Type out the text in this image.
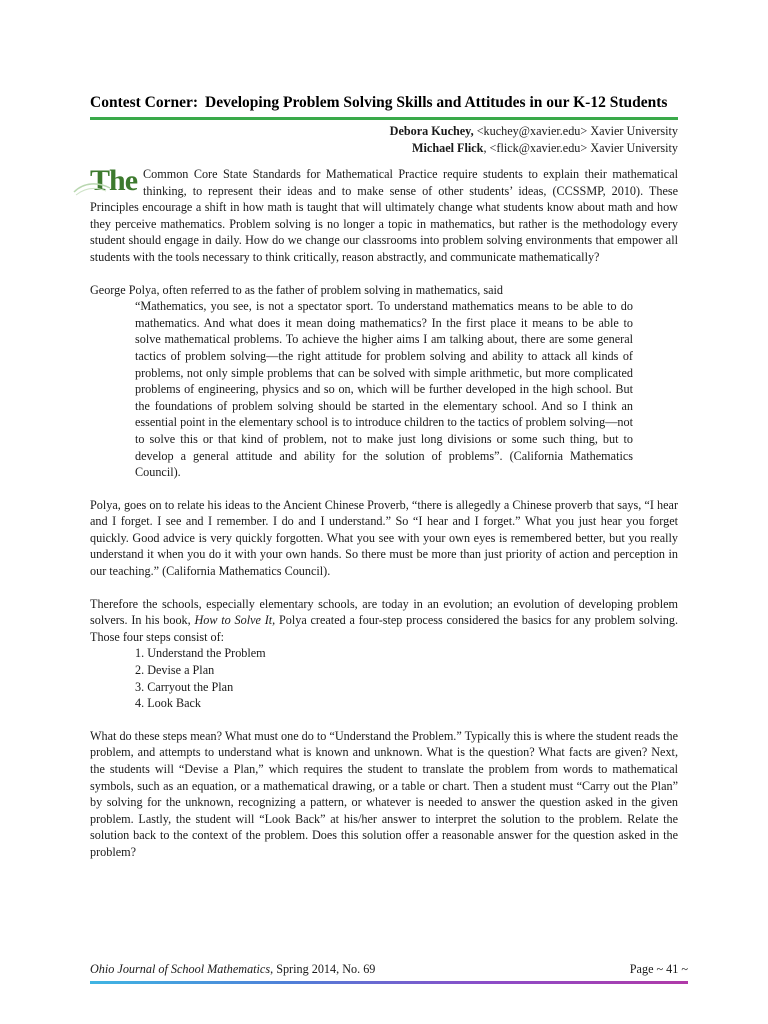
Contest Corner: Developing Problem Solving Skills and Attitudes in our K-12 Students
Debora Kuchey, <kuchey@xavier.edu> Xavier University
Michael Flick, <flick@xavier.edu> Xavier University
The Common Core State Standards for Mathematical Practice require students to explain their mathematical thinking, to represent their ideas and to make sense of other students’ ideas, (CCSSMP, 2010). These Principles encourage a shift in how math is taught that will ultimately change what students know about math and how they perceive mathematics. Problem solving is no longer a topic in mathematics, but rather is the methodology every student should engage in daily. How do we change our classrooms into problem solving environments that empower all students with the tools necessary to think critically, reason abstractly, and communicate mathematically?

George Polya, often referred to as the father of problem solving in mathematics, said

“Mathematics, you see, is not a spectator sport. To understand mathematics means to be able to do mathematics. And what does it mean doing mathematics? In the first place it means to be able to solve mathematical problems. To achieve the higher aims I am talking about, there are some general tactics of problem solving—the right attitude for problem solving and ability to attack all kinds of problems, not only simple problems that can be solved with simple arithmetic, but more complicated problems of engineering, physics and so on, which will be further developed in the high school. But the foundations of problem solving should be started in the elementary school. And so I think an essential point in the elementary school is to introduce children to the tactics of problem solving—not to solve this or that kind of problem, not to make just long divisions or some such thing, but to develop a general attitude and ability for the solution of problems”. (California Mathematics Council).

Polya, goes on to relate his ideas to the Ancient Chinese Proverb, “there is allegedly a Chinese proverb that says, “I hear and I forget. I see and I remember. I do and I understand.” So “I hear and I forget.” What you just hear you forget quickly. Good advice is very quickly forgotten. What you see with your own eyes is remembered better, but you really understand it when you do it with your own hands. So there must be more than just priority of action and perception in our teaching.” (California Mathematics Council).

Therefore the schools, especially elementary schools, are today in an evolution; an evolution of developing problem solvers. In his book, How to Solve It, Polya created a four-step process considered the basics for any problem solving. Those four steps consist of:

1. Understand the Problem
2. Devise a Plan
3. Carryout the Plan
4. Look Back

What do these steps mean? What must one do to “Understand the Problem.” Typically this is where the student reads the problem, and attempts to understand what is known and unknown. What is the question? What facts are given? Next, the students will “Devise a Plan,” which requires the student to translate the problem from words to mathematical symbols, such as an equation, or a mathematical drawing, or a table or chart. Then a student must “Carry out the Plan” by solving for the unknown, recognizing a pattern, or whatever is needed to answer the question asked in the given problem. Lastly, the student will “Look Back” at his/her answer to interpret the solution to the problem. Relate the solution back to the context of the problem. Does this solution offer a reasonable answer for the question asked in the problem?

Ohio Journal of School Mathematics, Spring 2014, No. 69	Page ~ 41 ~
